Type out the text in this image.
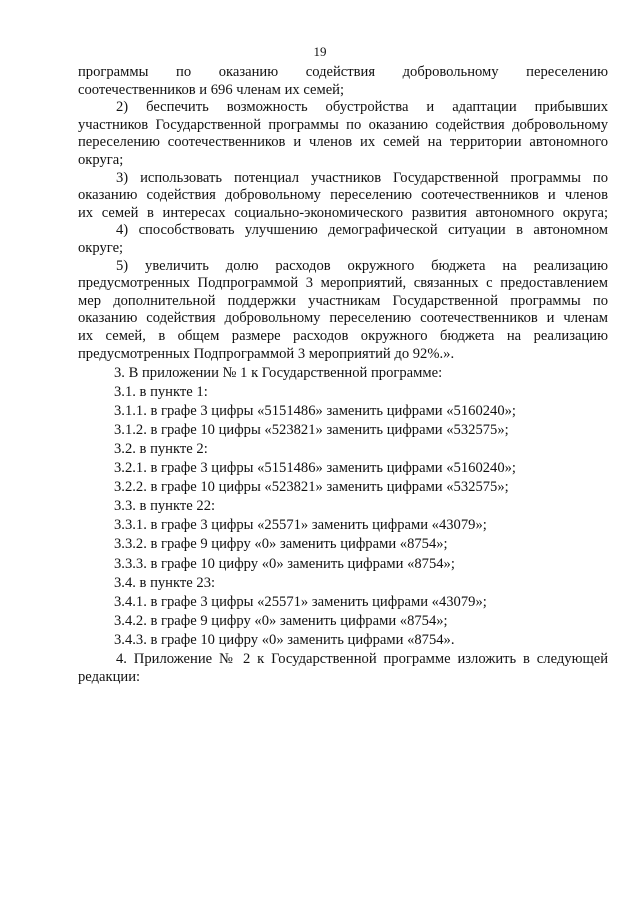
19

программы по оказанию содействия добровольному переселению

соотечественников и 696 членам их семей;

2) беспечить возможность обустройства и адаптации прибывших

участников Государственной программы по оказанию содействия добровольному

переселению соотечественников и членов их семей на территории автономного

округа;

3) использовать потенциал участников Государственной программы по

оказанию содействия добровольному переселению соотечественников и членов

их семей в интересах социально-экономического развития автономного округа;

4) способствовать улучшению демографической ситуации в автономном

округе;

5) увеличить долю расходов окружного бюджета на реализацию

предусмотренных Подпрограммой 3 мероприятий, связанных с предоставлением

мер дополнительной поддержки участникам Государственной программы по

оказанию содействия добровольному переселению соотечественников и членам

их семей, в общем размере расходов окружного бюджета на реализацию

предусмотренных Подпрограммой 3 мероприятий до 92%.».

3. В приложении № 1 к Государственной программе:

3.1. в пункте 1:

3.1.1. в графе 3 цифры «5151486» заменить цифрами «5160240»;

3.1.2. в графе 10 цифры «523821» заменить цифрами «532575»;

3.2. в пункте 2:

3.2.1. в графе 3 цифры «5151486» заменить цифрами «5160240»;

3.2.2. в графе 10 цифры «523821» заменить цифрами «532575»;

3.3. в пункте 22:

3.3.1. в графе 3 цифры «25571» заменить цифрами «43079»;

3.3.2. в графе 9 цифру «0» заменить цифрами «8754»;

3.3.3. в графе 10 цифру «0» заменить цифрами «8754»;

3.4. в пункте 23:

3.4.1. в графе 3 цифры «25571» заменить цифрами «43079»;

3.4.2. в графе 9 цифру «0» заменить цифрами «8754»;

3.4.3. в графе 10 цифру «0» заменить цифрами «8754».

4. Приложение № 2 к Государственной программе изложить в следующей

редакции:
